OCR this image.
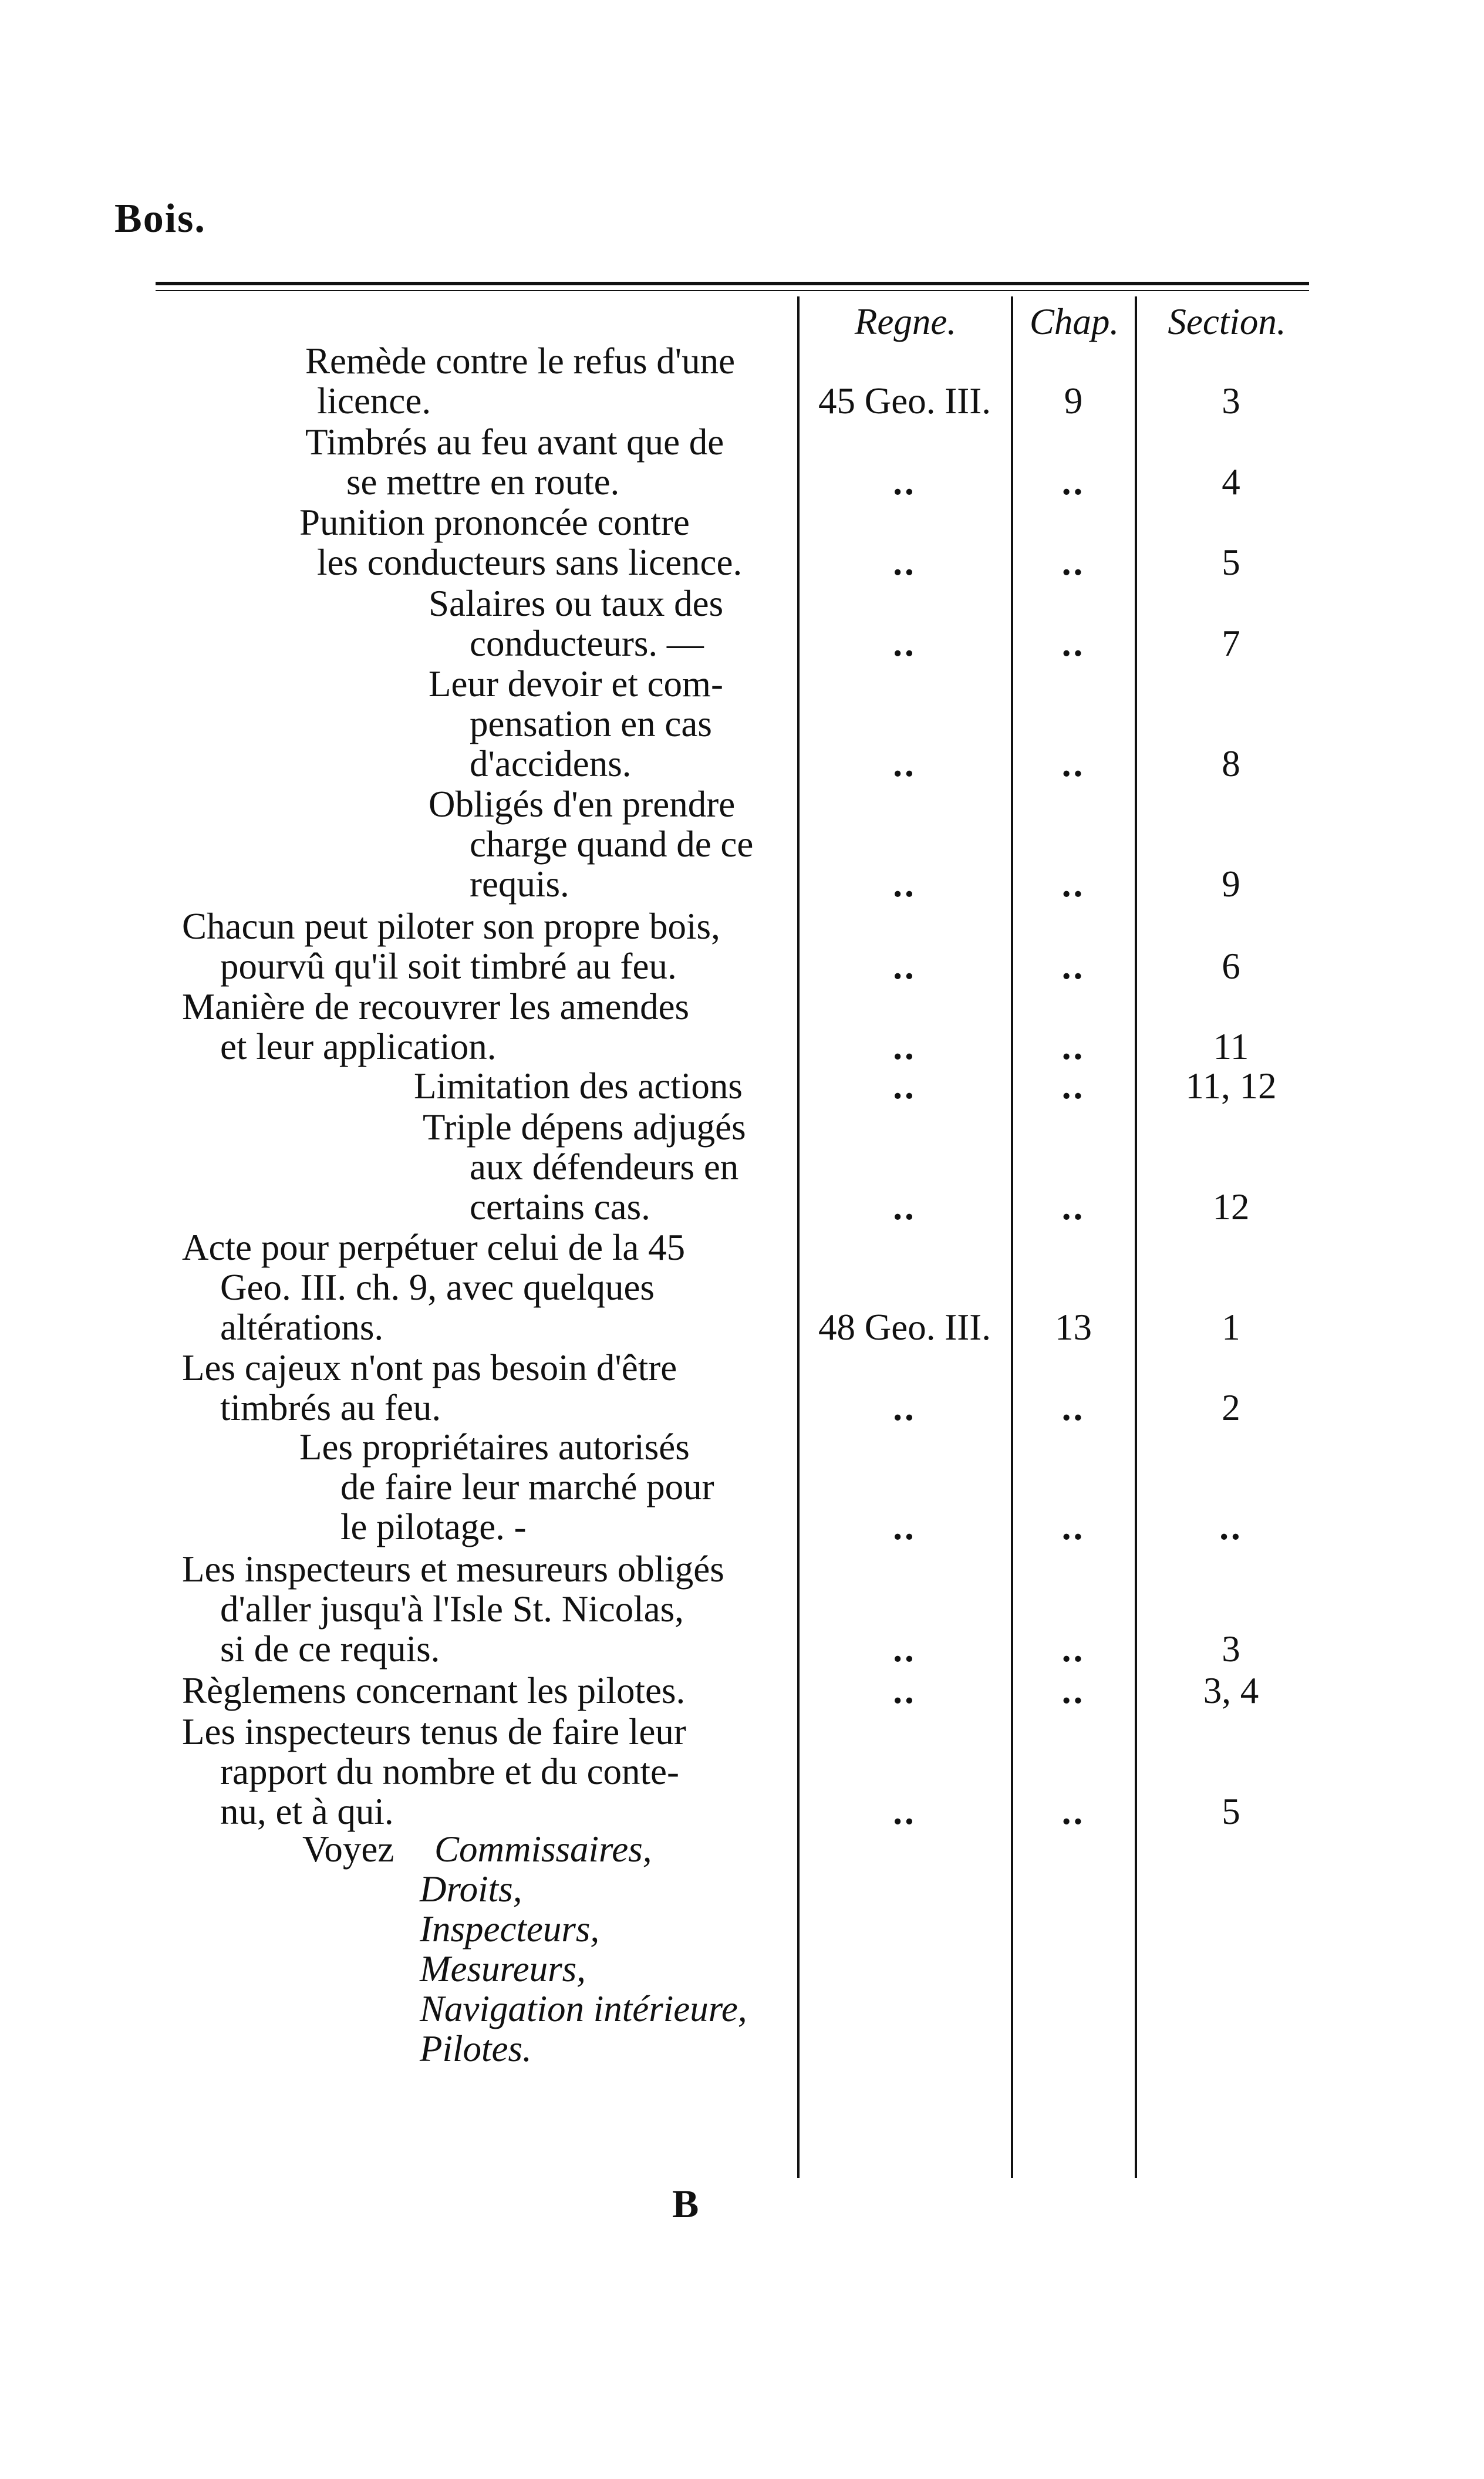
Bois.
Regne.	Chap.	Section.
Remède contre le refus d'une
licence.	45 Geo. III.	9	3
Timbrés au feu avant que de
se mettre en route.	..	..	4
Punition prononcée contre
les conducteurs sans licence.	..	..	5
Salaires ou taux des
conducteurs. —	..	..	7
Leur devoir et com-
pensation en cas
d'accidens.	..	..	8
Obligés d'en prendre
charge quand de ce
requis.	..	..	9
Chacun peut piloter son propre bois,
pourvû qu'il soit timbré au feu.	..	..	6
Manière de recouvrer les amendes
et leur application.	..	..	11
Limitation des actions	..	..	11, 12
Triple dépens adjugés
aux défendeurs en
certains cas.	..	..	12
Acte pour perpétuer celui de la 45
Geo. III. ch. 9, avec quelques
altérations.	48 Geo. III.	13	1
Les cajeux n'ont pas besoin d'être
timbrés au feu.	..	..	2
Les propriétaires autorisés
de faire leur marché pour
le pilotage. -	..	..	..
Les inspecteurs et mesureurs obligés
d'aller jusqu'à l'Isle St. Nicolas,
si de ce requis.	..	..	3
Règlemens concernant les pilotes.	..	..	3, 4
Les inspecteurs tenus de faire leur
rapport du nombre et du conte-
nu, et à qui.	..	..	5
Voyez Commissaires,
Droits,
Inspecteurs,
Mesureurs,
Navigation intérieure,
Pilotes.
B
